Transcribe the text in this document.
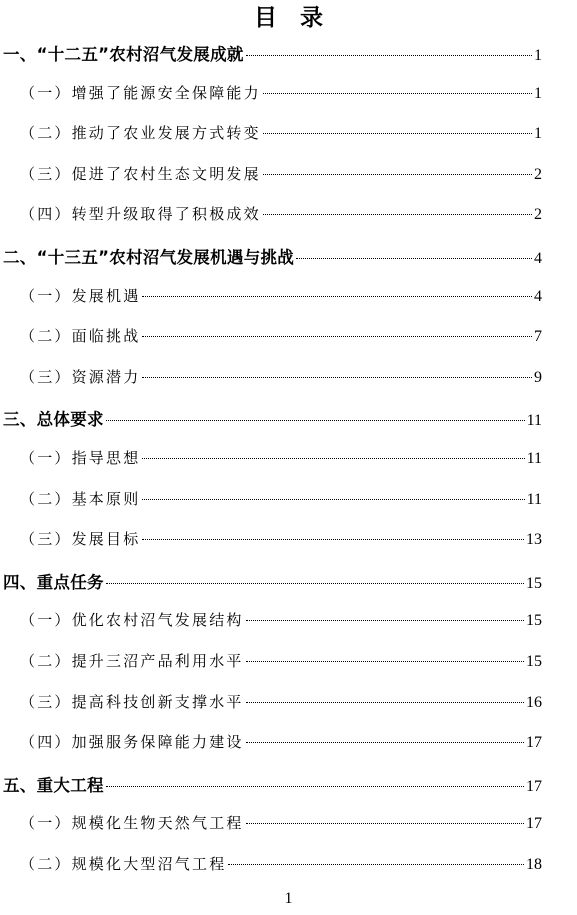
目　录
一、“十二五”农村沼气发展成就	1
（一）增强了能源安全保障能力	1
（二）推动了农业发展方式转变	1
（三）促进了农村生态文明发展	2
（四）转型升级取得了积极成效	2
二、“十三五”农村沼气发展机遇与挑战	4
（一）发展机遇	4
（二）面临挑战	7
（三）资源潜力	9
三、总体要求	11
（一）指导思想	11
（二）基本原则	11
（三）发展目标	13
四、重点任务	15
（一）优化农村沼气发展结构	15
（二）提升三沼产品利用水平	15
（三）提高科技创新支撑水平	16
（四）加强服务保障能力建设	17
五、重大工程	17
（一）规模化生物天然气工程	17
（二）规模化大型沼气工程	18
1
